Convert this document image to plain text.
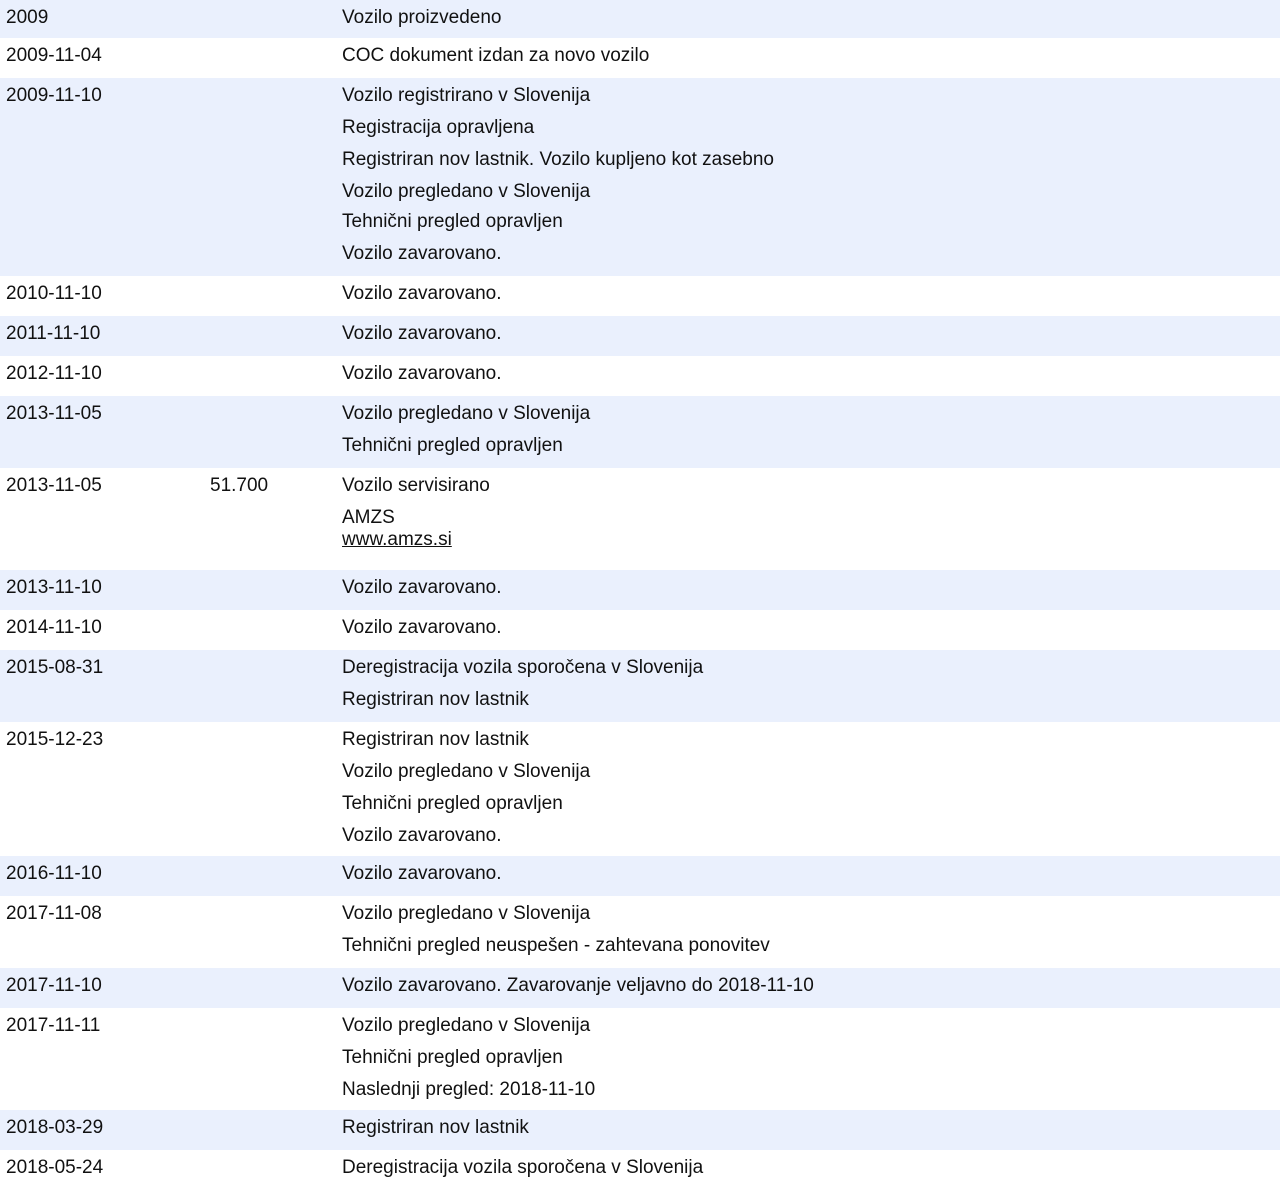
2009	Vozilo proizvedeno
2009-11-04	COC dokument izdan za novo vozilo
2009-11-10	Vozilo registrirano v Slovenija
Registracija opravljena
Registriran nov lastnik. Vozilo kupljeno kot zasebno
Vozilo pregledano v Slovenija
Tehnični pregled opravljen
Vozilo zavarovano.
2010-11-10	Vozilo zavarovano.
2011-11-10	Vozilo zavarovano.
2012-11-10	Vozilo zavarovano.
2013-11-05	Vozilo pregledano v Slovenija
Tehnični pregled opravljen
2013-11-05	51.700	Vozilo servisirano
AMZS
www.amzs.si
2013-11-10	Vozilo zavarovano.
2014-11-10	Vozilo zavarovano.
2015-08-31	Deregistracija vozila sporočena v Slovenija
Registriran nov lastnik
2015-12-23	Registriran nov lastnik
Vozilo pregledano v Slovenija
Tehnični pregled opravljen
Vozilo zavarovano.
2016-11-10	Vozilo zavarovano.
2017-11-08	Vozilo pregledano v Slovenija
Tehnični pregled neuspešen - zahtevana ponovitev
2017-11-10	Vozilo zavarovano. Zavarovanje veljavno do 2018-11-10
2017-11-11	Vozilo pregledano v Slovenija
Tehnični pregled opravljen
Naslednji pregled: 2018-11-10
2018-03-29	Registriran nov lastnik
2018-05-24	Deregistracija vozila sporočena v Slovenija
